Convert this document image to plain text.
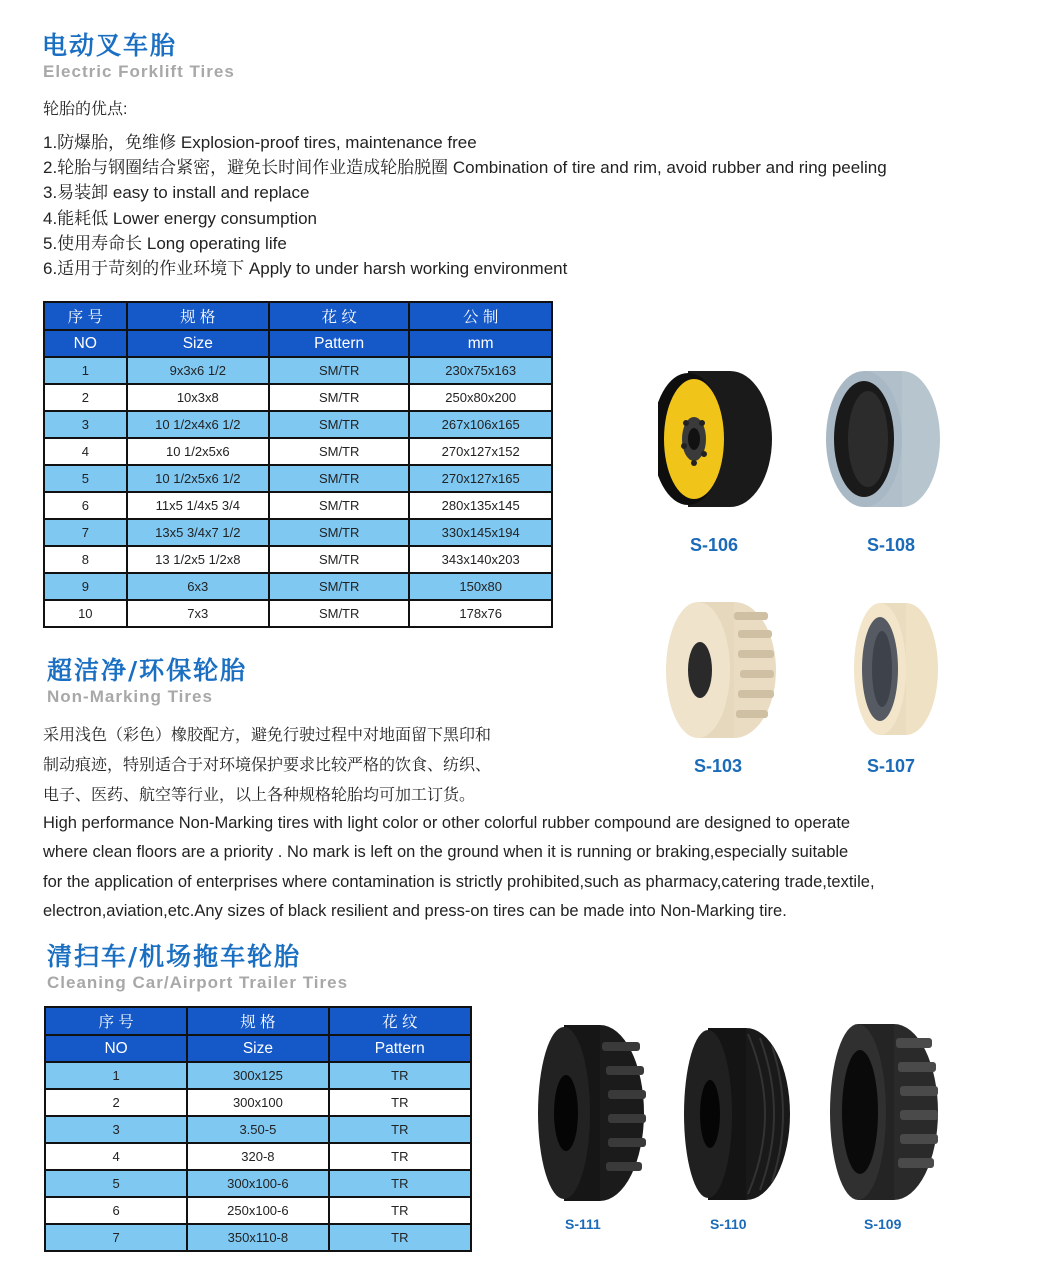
电动叉车胎
Electric Forklift Tires
轮胎的优点:
1.防爆胎，免维修 Explosion-proof tires, maintenance free
2.轮胎与钢圈结合紧密，避免长时间作业造成轮胎脱圈 Combination of tire and rim, avoid rubber and ring peeling
3.易装卸 easy to install and replace
4.能耗低 Lower energy consumption
5.使用寿命长 Long operating life
6.适用于苛刻的作业环境下 Apply to under harsh working environment
序 号	规 格	花 纹	公 制
NO	Size	Pattern	mm
1	9x3x6 1/2	SM/TR	230x75x163
2	10x3x8	SM/TR	250x80x200
3	10 1/2x4x6 1/2	SM/TR	267x106x165
4	10 1/2x5x6	SM/TR	270x127x152
5	10 1/2x5x6 1/2	SM/TR	270x127x165
6	11x5 1/4x5 3/4	SM/TR	280x135x145
7	13x5 3/4x7 1/2	SM/TR	330x145x194
8	13 1/2x5 1/2x8	SM/TR	343x140x203
9	6x3	SM/TR	150x80
10	7x3	SM/TR	178x76
S-106	S-108
S-103	S-107
超洁净/环保轮胎
Non-Marking Tires
采用浅色（彩色）橡胶配方，避免行驶过程中对地面留下黑印和
制动痕迹，特别适合于对环境保护要求比较严格的饮食、纺织、
电子、医药、航空等行业，以上各种规格轮胎均可加工订货。
High performance Non-Marking tires with light color or other colorful rubber compound are designed to operate
where clean floors are a priority . No mark is left on the ground when it is running or braking,especially suitable
for the application of enterprises where contamination is strictly prohibited,such as pharmacy,catering trade,textile,
electron,aviation,etc.Any sizes of black resilient and press-on tires can be made into Non-Marking tire.
清扫车/机场拖车轮胎
Cleaning Car/Airport Trailer Tires
序 号	规 格	花 纹
NO	Size	Pattern
1	300x125	TR
2	300x100	TR
3	3.50-5	TR
4	320-8	TR
5	300x100-6	TR
6	250x100-6	TR
7	350x110-8	TR
S-111	S-110	S-109
